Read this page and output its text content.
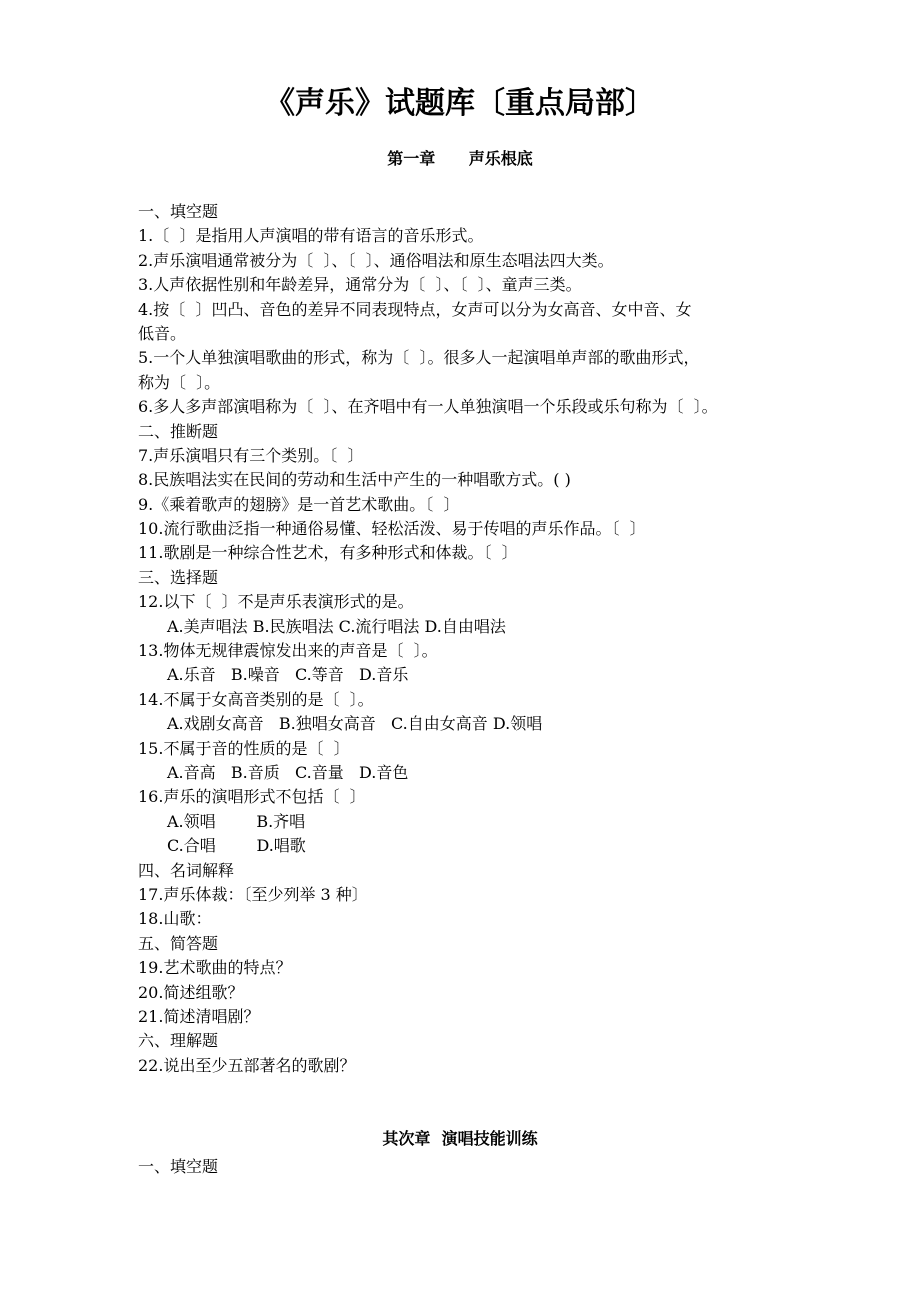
《声乐》试题库〔重点局部〕
第一章      声乐根底
一、填空题
1.〔  〕是指用人声演唱的带有语言的音乐形式。
2.声乐演唱通常被分为〔  〕、〔  〕、通俗唱法和原生态唱法四大类。
3.人声依据性别和年龄差异，通常分为〔  〕、〔  〕、童声三类。
4.按〔  〕凹凸、音色的差异不同表现特点，女声可以分为女高音、女中音、女
低音。
5.一个人单独演唱歌曲的形式，称为〔  〕。很多人一起演唱单声部的歌曲形式，
称为〔  〕。
6.多人多声部演唱称为〔  〕、在齐唱中有一人单独演唱一个乐段或乐句称为〔  〕。
二、推断题
7.声乐演唱只有三个类别。〔  〕
8.民族唱法实在民间的劳动和生活中产生的一种唱歌方式。( )
9.《乘着歌声的翅膀》是一首艺术歌曲。〔  〕
10.流行歌曲泛指一种通俗易懂、轻松活泼、易于传唱的声乐作品。〔  〕
11.歌剧是一种综合性艺术，有多种形式和体裁。〔  〕
三、选择题
12.以下〔  〕不是声乐表演形式的是。
A.美声唱法 B.民族唱法 C.流行唱法 D.自由唱法
13.物体无规律震惊发出来的声音是〔  〕。
A.乐音   B.噪音   C.等音   D.音乐
14.不属于女高音类别的是〔  〕。
A.戏剧女高音   B.独唱女高音   C.自由女高音 D.领唱
15.不属于音的性质的是〔  〕
A.音高   B.音质   C.音量   D.音色
16.声乐的演唱形式不包括〔  〕
A.领唱        B.齐唱
C.合唱        D.唱歌
四、名词解释
17.声乐体裁：〔至少列举 3 种〕
18.山歌：
五、简答题
19.艺术歌曲的特点？
20.简述组歌？
21.简述清唱剧？
六、理解题
22.说出至少五部著名的歌剧？
其次章  演唱技能训练
一、填空题
